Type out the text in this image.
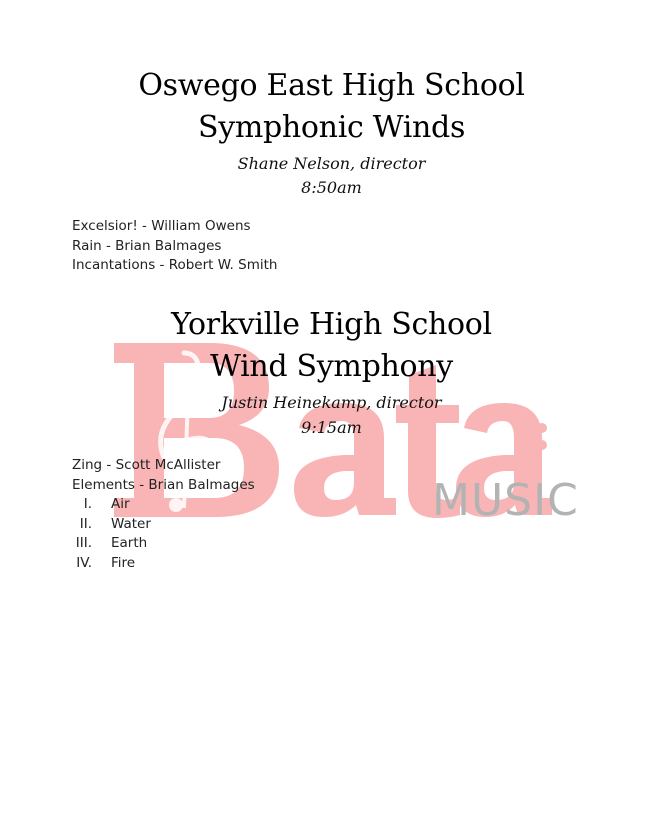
MUSIC
Oswego East High School
Symphonic Winds

Shane Nelson, director

8:50am

Excelsior! - William Owens
Rain - Brian Balmages
Incantations - Robert W. Smith
Yorkville High School
Wind Symphony

Justin Heinekamp, director

9:15am

Zing - Scott McAllister
Elements - Brian Balmages
I. Air
II. Water
III. Earth
IV. Fire
